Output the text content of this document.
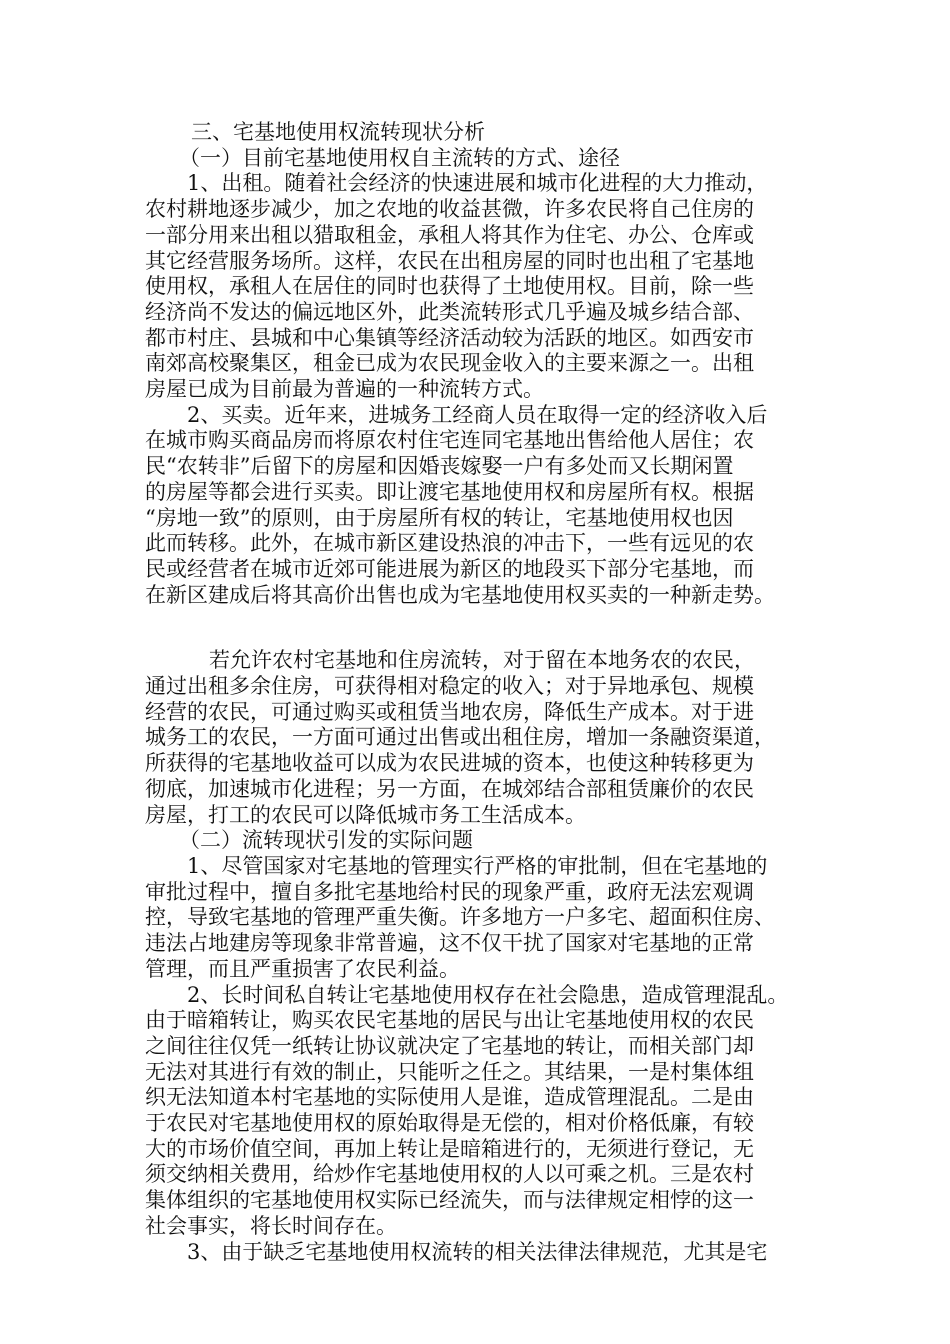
三、宅基地使用权流转现状分析

（一）目前宅基地使用权自主流转的方式、途径

1、出租。随着社会经济的快速进展和城市化进程的大力推动，
农村耕地逐步减少，加之农地的收益甚微，许多农民将自己住房的
一部分用来出租以猎取租金，承租人将其作为住宅、办公、仓库或
其它经营服务场所。这样，农民在出租房屋的同时也出租了宅基地
使用权，承租人在居住的同时也获得了土地使用权。目前，除一些
经济尚不发达的偏远地区外，此类流转形式几乎遍及城乡结合部、
都市村庄、县城和中心集镇等经济活动较为活跃的地区。如西安市
南郊高校聚集区，租金已成为农民现金收入的主要来源之一。出租
房屋已成为目前最为普遍的一种流转方式。

2、买卖。近年来，进城务工经商人员在取得一定的经济收入后
在城市购买商品房而将原农村住宅连同宅基地出售给他人居住；农
民“农转非”后留下的房屋和因婚丧嫁娶一户有多处而又长期闲置
的房屋等都会进行买卖。即让渡宅基地使用权和房屋所有权。根据
“房地一致”的原则，由于房屋所有权的转让，宅基地使用权也因
此而转移。此外，在城市新区建设热浪的冲击下，一些有远见的农
民或经营者在城市近郊可能进展为新区的地段买下部分宅基地，而
在新区建成后将其高价出售也成为宅基地使用权买卖的一种新走势。

若允许农村宅基地和住房流转，对于留在本地务农的农民，
通过出租多余住房，可获得相对稳定的收入；对于异地承包、规模
经营的农民，可通过购买或租赁当地农房，降低生产成本。对于进
城务工的农民，一方面可通过出售或出租住房，增加一条融资渠道，
所获得的宅基地收益可以成为农民进城的资本，也使这种转移更为
彻底，加速城市化进程；另一方面，在城郊结合部租赁廉价的农民
房屋，打工的农民可以降低城市务工生活成本。

（二）流转现状引发的实际问题

1、尽管国家对宅基地的管理实行严格的审批制，但在宅基地的
审批过程中，擅自多批宅基地给村民的现象严重，政府无法宏观调
控，导致宅基地的管理严重失衡。许多地方一户多宅、超面积住房、
违法占地建房等现象非常普遍，这不仅干扰了国家对宅基地的正常
管理，而且严重损害了农民利益。

2、长时间私自转让宅基地使用权存在社会隐患，造成管理混乱。
由于暗箱转让，购买农民宅基地的居民与出让宅基地使用权的农民
之间往往仅凭一纸转让协议就决定了宅基地的转让，而相关部门却
无法对其进行有效的制止，只能听之任之。其结果，一是村集体组
织无法知道本村宅基地的实际使用人是谁，造成管理混乱。二是由
于农民对宅基地使用权的原始取得是无偿的，相对价格低廉，有较
大的市场价值空间，再加上转让是暗箱进行的，无须进行登记，无
须交纳相关费用，给炒作宅基地使用权的人以可乘之机。三是农村
集体组织的宅基地使用权实际已经流失，而与法律规定相悖的这一
社会事实，将长时间存在。

3、由于缺乏宅基地使用权流转的相关法律法律规范，尤其是宅
